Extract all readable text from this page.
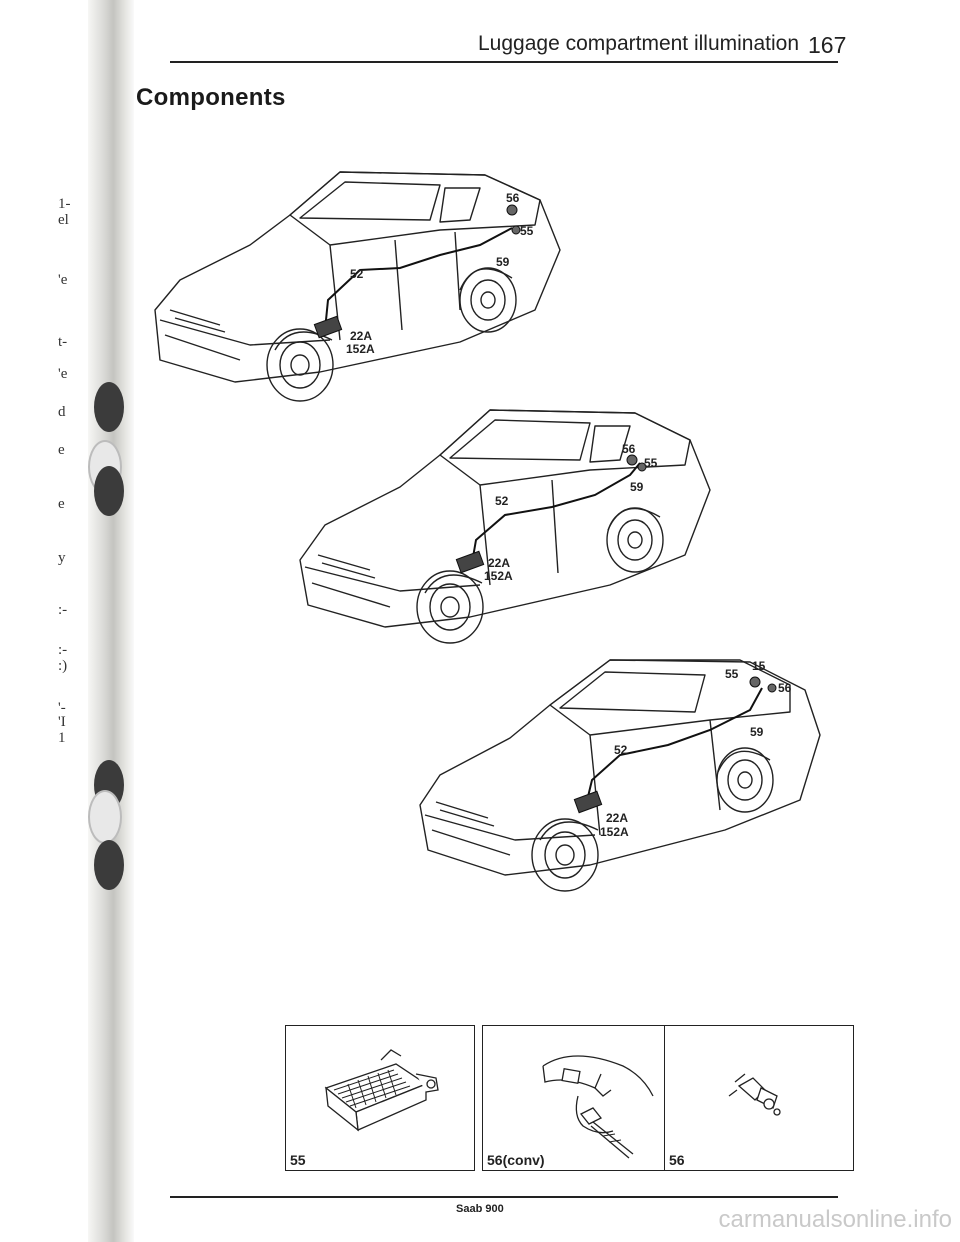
1-
el
'e
t-
'e
d
e
e
y
:-
:-
:)
'-
'I
1
Luggage compartment illumination 167
Components
56
55
59
52
22A
152A
56
55
59
52
22A
152A
55
15
56
59
52
22A
152A
55	56(conv)	56
Saab 900	carmanualsonline.info
